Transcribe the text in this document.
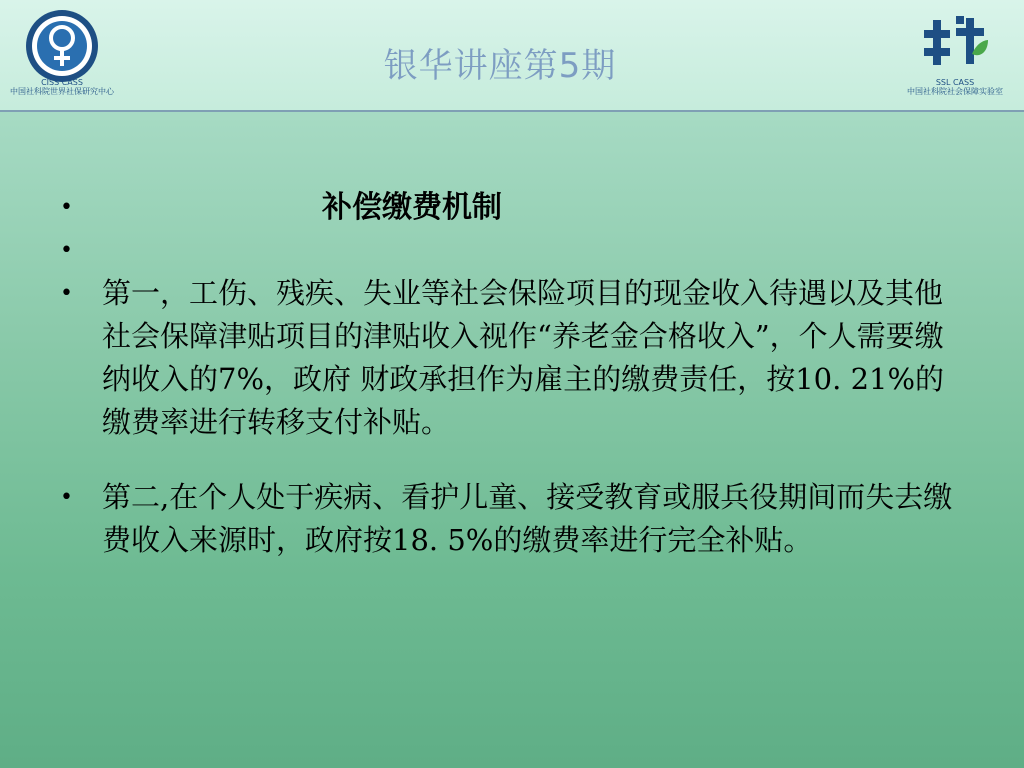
CISS CASS
中国社科院世界社保研究中心
银华讲座第5期	SSL CASS
中国社科院社会保障实验室
•	补偿缴费机制
•

• 第一，工伤、残疾、失业等社会保险项目的现金收入待遇以及其他社会保障津贴项目的津贴收入视作“养老金合格收入”，个人需要缴纳收入的7%，政府 财政承担作为雇主的缴费责任，按10. 21%的缴费率进行转移支付补贴。
• 第二,在个人处于疾病、看护儿童、接受教育或服兵役期间而失去缴费收入来源时，政府按18. 5%的缴费率进行完全补贴。
